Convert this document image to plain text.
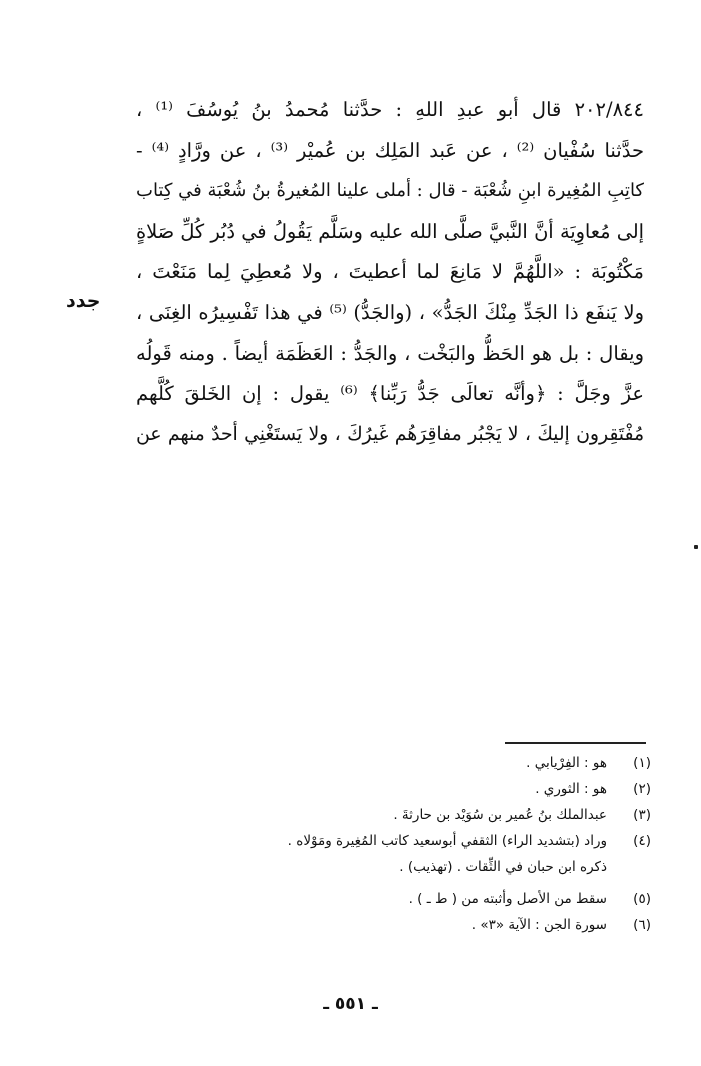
٢٠٢/٨٤٤ قال أبو عبدِ اللهِ : حدَّثنا مُحمدُ بنُ يُوسُفَ ⁽¹⁾ ،
حدَّثنا سُفْيان ⁽²⁾ ، عن عَبد المَلِك بن عُميْر ⁽³⁾ ، عن ورَّادٍ ⁽⁴⁾ -
كاتِبِ المُغِيرة ابنِ شُعْبَة - قال : أملى علينا المُغيرةُ بنُ شُعْبَة في كِتاب
إلى مُعاوِيَة أنَّ النَّبيَّ صلَّى الله عليه وسَلَّم يَقُولُ في دُبُر كُلِّ صَلاةٍ
مَكْتُوبَة : «اللَّهُمَّ لا مَانِعَ لما أعطيتَ ، ولا مُعطِيَ لِما مَنَعْتَ ،
ولا يَنفَع ذا الجَدِّ مِنْكَ الجَدُّ» ، (والجَدُّ) ⁽⁵⁾ في هذا تَفْسِيرُه الغِنَى ،
ويقال : بل هو الحَظُّ والبَخْت ، والجَدُّ : العَظَمَة أيضاً . ومنه قَولُه
عزَّ وجَلَّ : ﴿وأنَّه تعالَى جَدُّ رَبِّنا﴾ ⁽⁶⁾ يقول : إن الخَلقَ كُلَّهم
مُفْتَقِرون إليكَ ، لا يَجْبُر مفاقِرَهُم غَيرُكَ ، ولا يَستَغْنِي أحدٌ منهم عن
جدد
(١)
هو : الفِرْيابي .
(٢)
هو : الثوري .
(٣)
عبدالملك بنُ عُمير بن سُوَيْد بن حارثةَ .
(٤)
وراد (بتشديد الراء) الثقفي أبوسعيد كاتب المُغِيرة ومَوْلاه .
ذكره ابن حبان في الثِّقات . (تهذيب) .
(٥)
سقط من الأصل وأثبته من ( ط ـ ) .
(٦)
سورة الجن : الآية «٣» .
ـ ٥٥١ ـ
